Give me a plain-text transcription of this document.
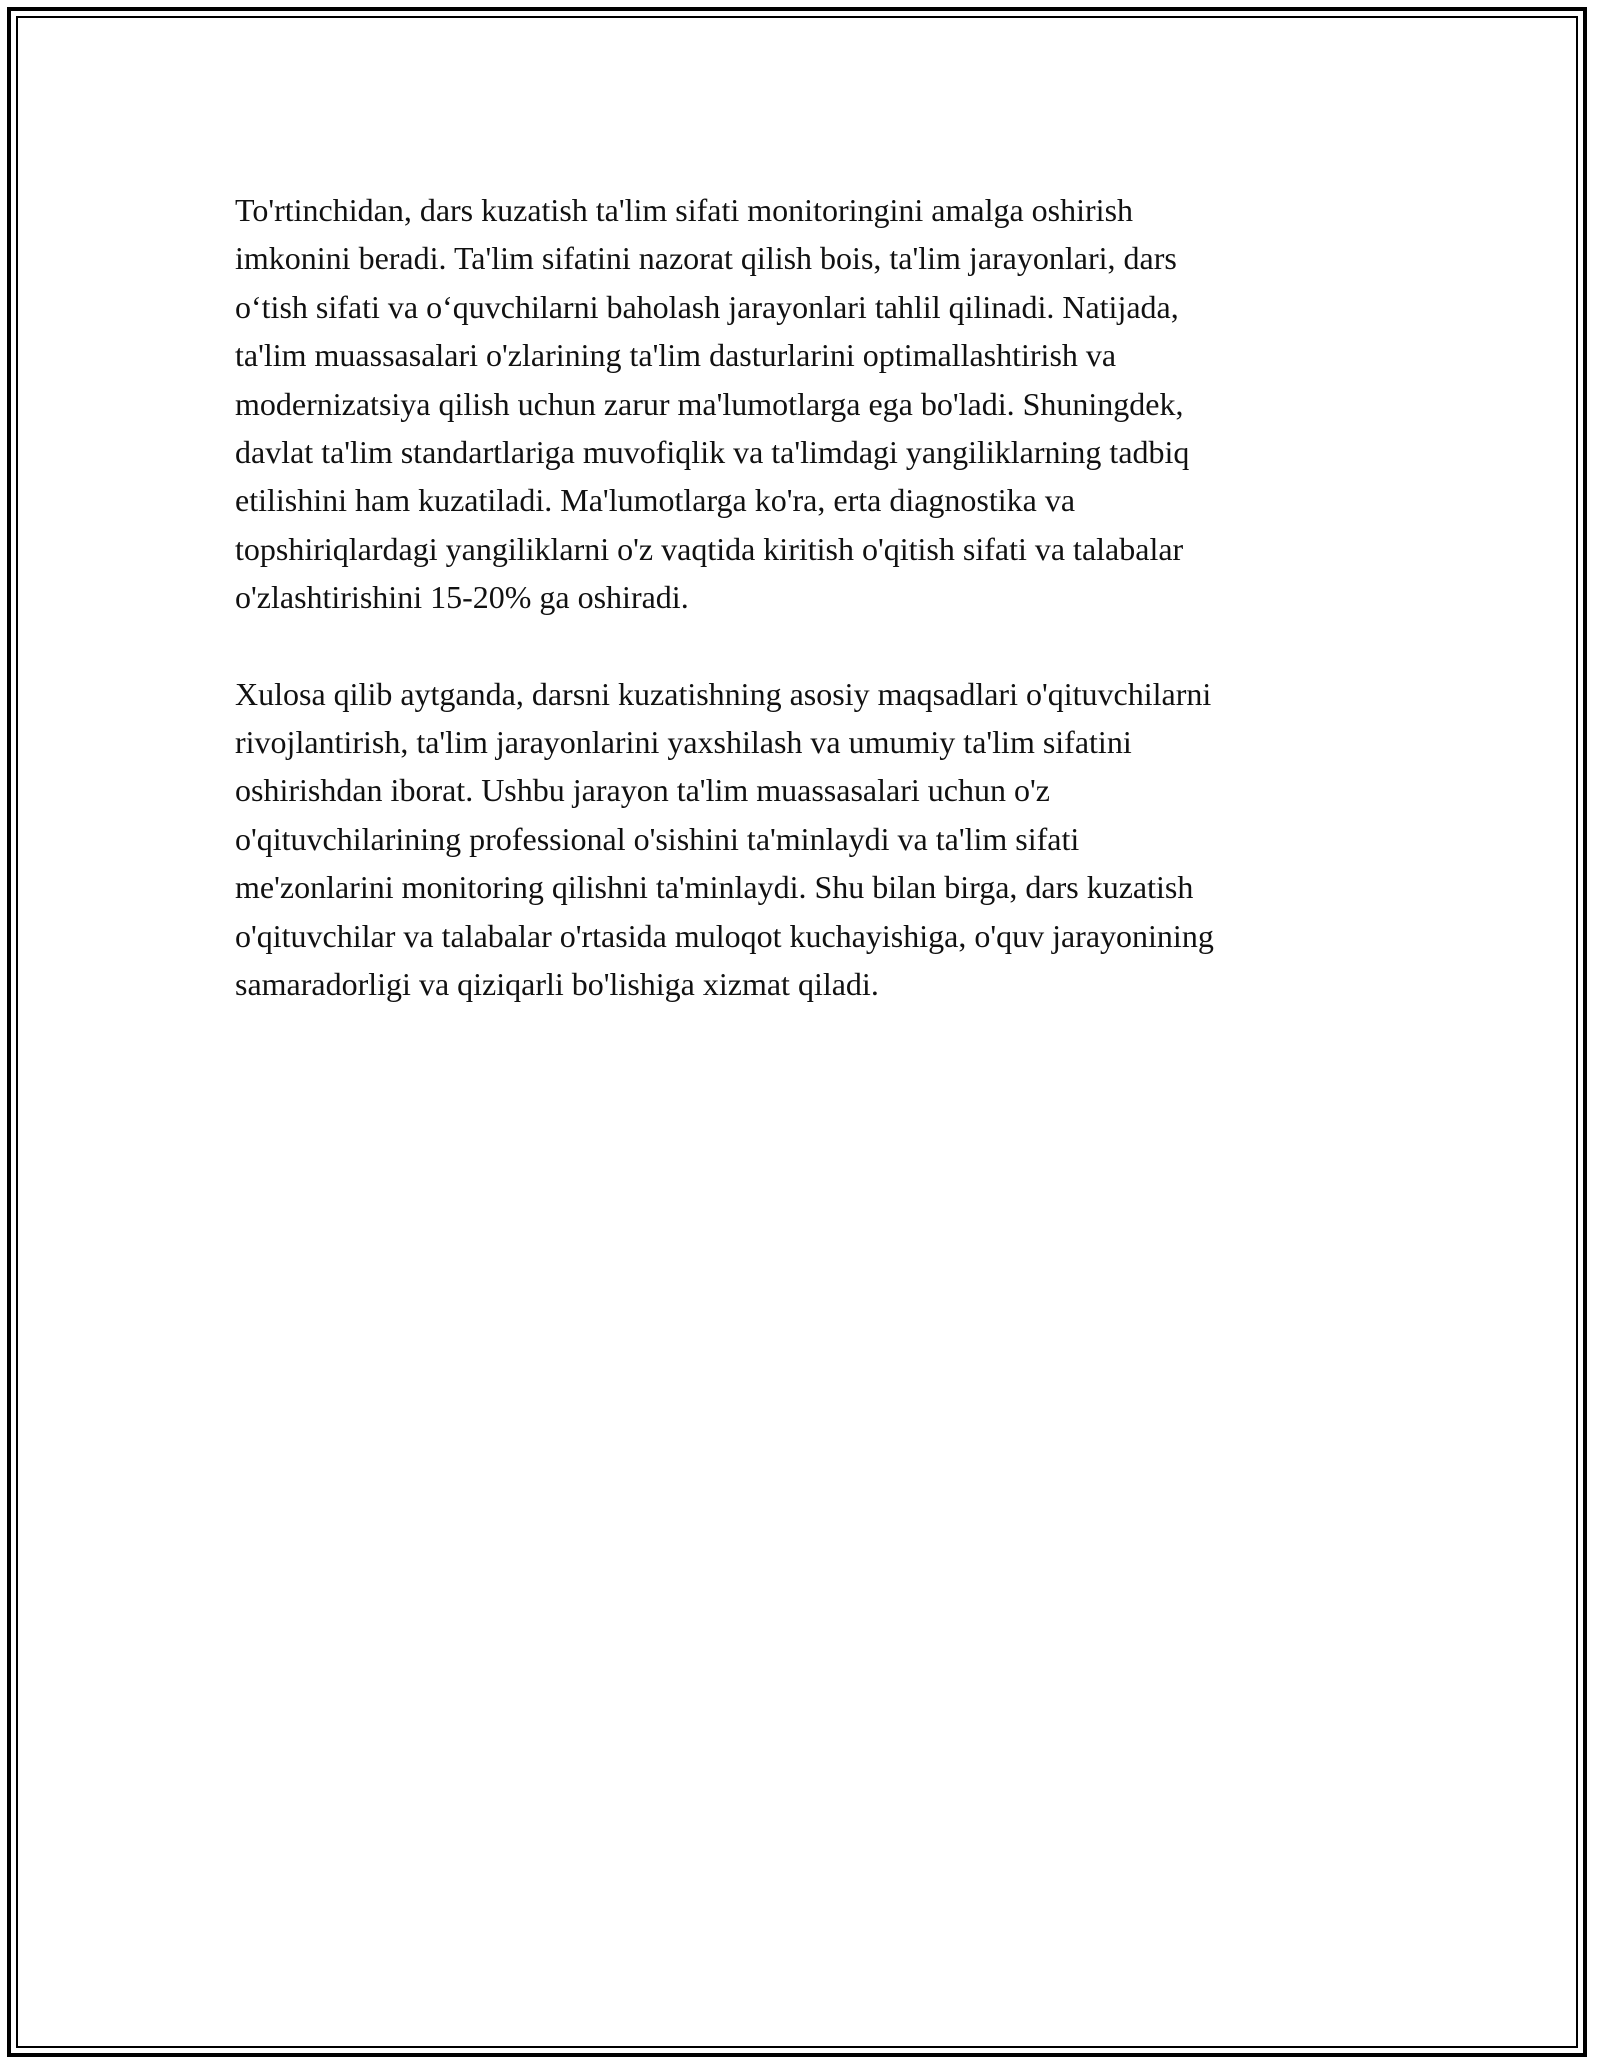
To'rtinchidan, dars kuzatish ta'lim sifati monitoringini amalga oshirish
imkonini beradi. Ta'lim sifatini nazorat qilish bois, ta'lim jarayonlari, dars
o‘tish sifati va o‘quvchilarni baholash jarayonlari tahlil qilinadi. Natijada,
ta'lim muassasalari o'zlarining ta'lim dasturlarini optimallashtirish va
modernizatsiya qilish uchun zarur ma'lumotlarga ega bo'ladi. Shuningdek,
davlat ta'lim standartlariga muvofiqlik va ta'limdagi yangiliklarning tadbiq
etilishini ham kuzatiladi. Ma'lumotlarga ko'ra, erta diagnostika va
topshiriqlardagi yangiliklarni o'z vaqtida kiritish o'qitish sifati va talabalar
o'zlashtirishini 15-20% ga oshiradi.

Xulosa qilib aytganda, darsni kuzatishning asosiy maqsadlari o'qituvchilarni
rivojlantirish, ta'lim jarayonlarini yaxshilash va umumiy ta'lim sifatini
oshirishdan iborat. Ushbu jarayon ta'lim muassasalari uchun o'z
o'qituvchilarining professional o'sishini ta'minlaydi va ta'lim sifati
me'zonlarini monitoring qilishni ta'minlaydi. Shu bilan birga, dars kuzatish
o'qituvchilar va talabalar o'rtasida muloqot kuchayishiga, o'quv jarayonining
samaradorligi va qiziqarli bo'lishiga xizmat qiladi.
